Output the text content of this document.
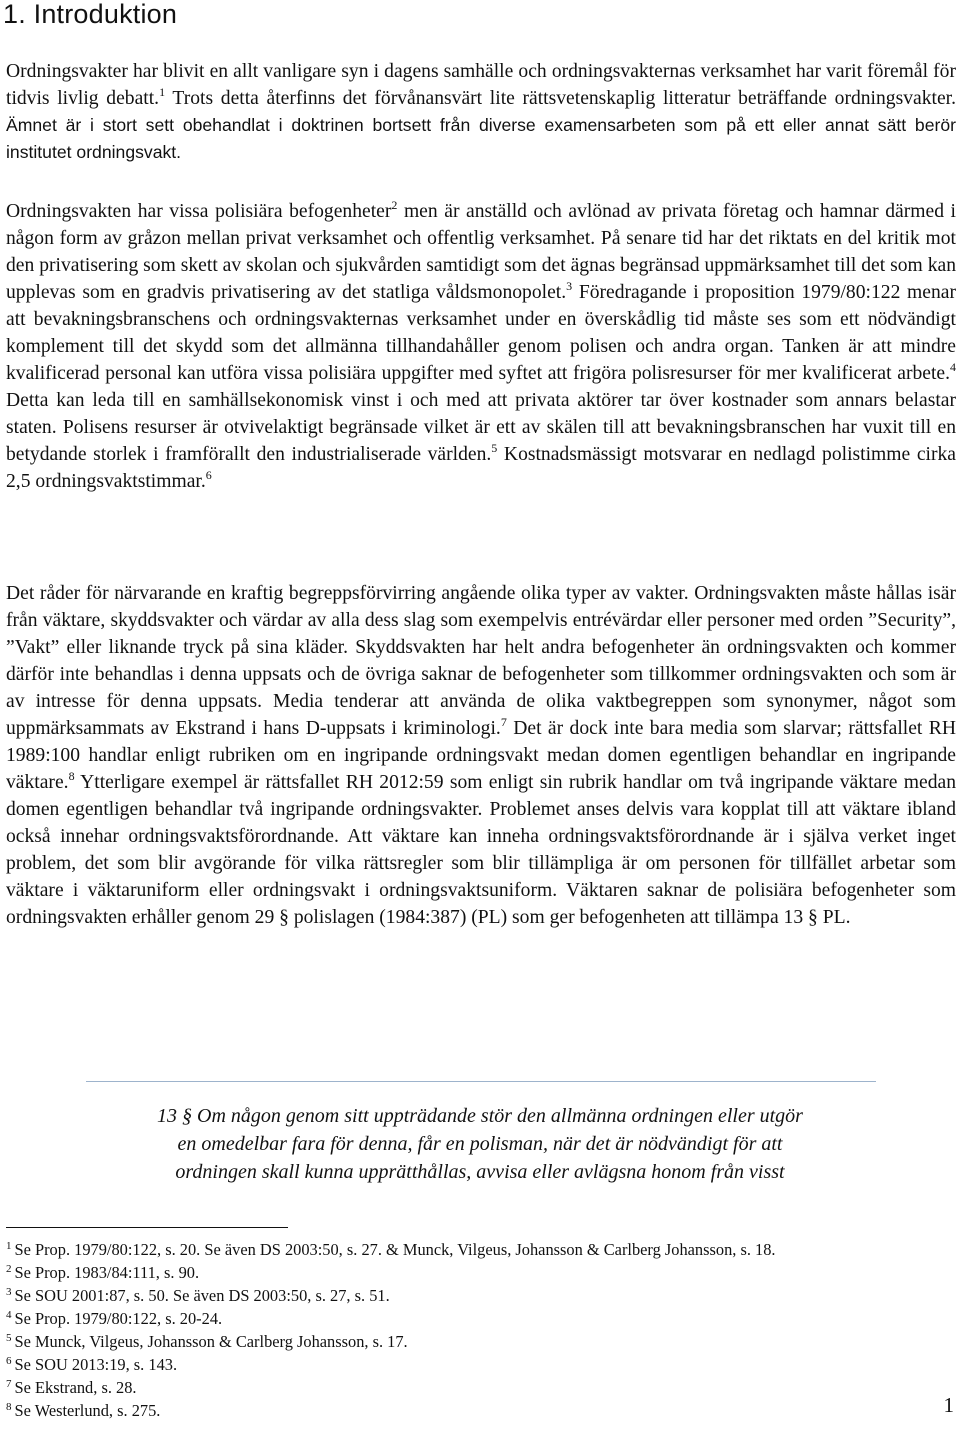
1. Introduktion

Ordningsvakter har blivit en allt vanligare syn i dagens samhälle och ordningsvakternas verksamhet har varit föremål för tidvis livlig debatt.$^1$ Trots detta återfinns det förvånansvärt lite rättsvetenskaplig litteratur beträffande ordningsvakter. Ämnet är i stort sett obehandlat i doktrinen bortsett från diverse examensarbeten som på ett eller annat sätt berör institutet ordningsvakt.

Ordningsvakten har vissa polisiära befogenheter$^2$ men är anställd och avlönad av privata företag och hamnar därmed i någon form av gråzon mellan privat verksamhet och offentlig verksamhet. På senare tid har det riktats en del kritik mot den privatisering som skett av skolan och sjukvården samtidigt som det ägnas begränsad uppmärksamhet till det som kan upplevas som en gradvis privatisering av det statliga våldsmonopolet.$^3$ Föredragande i proposition 1979/80:122 menar att bevakningsbranschens och ordningsvakternas verksamhet under en överskådlig tid måste ses som ett nödvändigt komplement till det skydd som det allmänna tillhandahåller genom polisen och andra organ. Tanken är att mindre kvalificerad personal kan utföra vissa polisiära uppgifter med syftet att frigöra polisresurser för mer kvalificerat arbete.$^4$ Detta kan leda till en samhällsekonomisk vinst i och med att privata aktörer tar över kostnader som annars belastar staten. Polisens resurser är otvivelaktigt begränsade vilket är ett av skälen till att bevakningsbranschen har vuxit till en betydande storlek i framförallt den industrialiserade världen.$^5$ Kostnadsmässigt motsvarar en nedlagd polistimme cirka 2,5 ordningsvaktstimmar.$^6$

Det råder för närvarande en kraftig begreppsförvirring angående olika typer av vakter. Ordningsvakten måste hållas isär från väktare, skyddsvakter och värdar av alla dess slag som exempelvis entrévärdar eller personer med orden ”Security”, ”Vakt” eller liknande tryck på sina kläder. Skyddsvakten har helt andra befogenheter än ordningsvakten och kommer därför inte behandlas i denna uppsats och de övriga saknar de befogenheter som tillkommer ordningsvakten och som är av intresse för denna uppsats. Media tenderar att använda de olika vaktbegreppen som synonymer, något som uppmärksammats av Ekstrand i hans D-uppsats i kriminologi.$^7$ Det är dock inte bara media som slarvar; rättsfallet RH 1989:100 handlar enligt rubriken om en ingripande ordningsvakt medan domen egentligen behandlar en ingripande väktare.$^8$ Ytterligare exempel är rättsfallet RH 2012:59 som enligt sin rubrik handlar om två ingripande väktare medan domen egentligen behandlar två ingripande ordningsvakter. Problemet anses delvis vara kopplat till att väktare ibland också innehar ordningsvaktsförordnande. Att väktare kan inneha ordningsvaktsförordnande är i själva verket inget problem, det som blir avgörande för vilka rättsregler som blir tillämpliga är om personen för tillfället arbetar som väktare i väktaruniform eller ordningsvakt i ordningsvaktsuniform. Väktaren saknar de polisiära befogenheter som ordningsvakten erhåller genom 29 § polislagen (1984:387) (PL) som ger befogenheten att tillämpa 13 § PL.

13 § Om någon genom sitt uppträdande stör den allmänna ordningen eller utgör
en omedelbar fara för denna, får en polisman, när det är nödvändigt för att
ordningen skall kunna upprätthållas, avvisa eller avlägsna honom från visst
$^1$ Se Prop. 1979/80:122, s. 20. Se även DS 2003:50, s. 27. & Munck, Vilgeus, Johansson & Carlberg Johansson, s. 18.
$^2$ Se Prop. 1983/84:111, s. 90.
$^3$ Se SOU 2001:87, s. 50. Se även DS 2003:50, s. 27, s. 51.
$^4$ Se Prop. 1979/80:122, s. 20-24.
$^5$ Se Munck, Vilgeus, Johansson & Carlberg Johansson, s. 17.
$^6$ Se SOU 2013:19, s. 143.
$^7$ Se Ekstrand, s. 28.
$^8$ Se Westerlund, s. 275.	1
